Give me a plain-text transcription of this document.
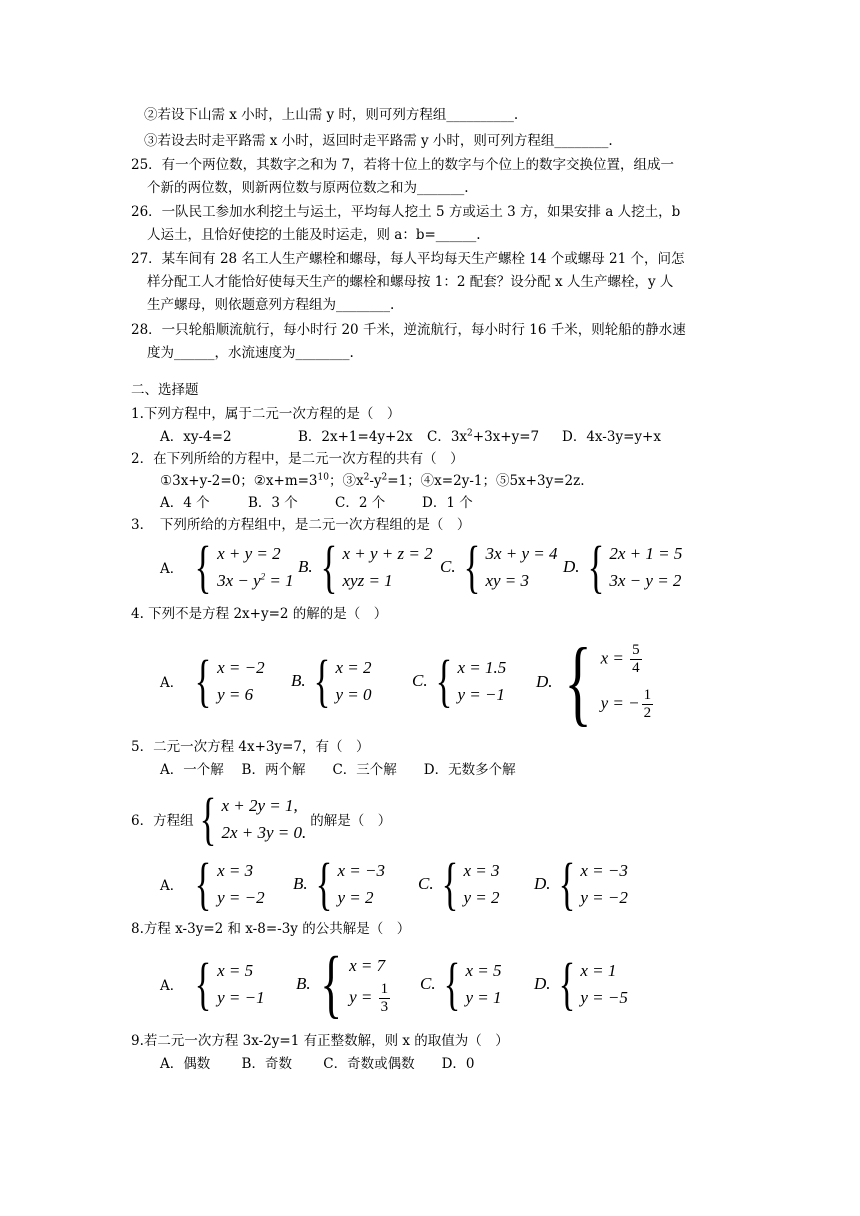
②若设下山需 x 小时，上山需 y 时，则可列方程组__________.
③若设去时走平路需 x 小时，返回时走平路需 y 小时，则可列方程组________.
25．有一个两位数，其数字之和为 7，若将十位上的数字与个位上的数字交换位置，组成一
个新的两位数，则新两位数与原两位数之和为_______.
26．一队民工参加水利挖土与运土，平均每人挖土 5 方或运土 3 方，如果安排 a 人挖土，b
人运土，且恰好使挖的土能及时运走，则 a：b=______.
27．某车间有 28 名工人生产螺栓和螺母，每人平均每天生产螺栓 14 个或螺母 21 个，问怎
样分配工人才能恰好使每天生产的螺栓和螺母按 1：2 配套？设分配 x 人生产螺栓，y 人
生产螺母，则依题意列方程组为________.
28．一只轮船顺流航行，每小时行 20 千米，逆流航行，每小时行 16 千米，则轮船的静水速
度为______，水流速度为________.
二、选择题
1.下列方程中，属于二元一次方程的是（　）
A．xy-4=2	B．2x+1=4y+2x C．$3x^2+3x+y=7$ D．4x-3y=y+x
2．在下列所给的方程中，是二元一次方程的共有（　）
①3x+y-2=0；$②x+m=3^{10}$；$③x^2-y^2=1$；④x=2y-1；⑤5x+3y=2z.
A．4 个	B．3 个	C．2 个	D．1 个
3．　下列所给的方程组中，是二元一次方程组的是（　）
A． { x + y = 2
$3x - y^2 = 1$
B. { x + y + z = 2
xyz = 1
C. { 3x + y = 4
xy = 3
D. { 2x + 1 = 5
3x − y = 2
4. 下列不是方程 2x+y=2 的解的是（　）
A． { x = −2
y = 6
B. { x = 2
y = 0
C. { x = 1.5
y = −1
D. { $x = \frac{5}{4}$
y = − $\frac{1}{2}$
5．二元一次方程 4x+3y=7，有（　）
A．一个解　 B．两个解　　C．三个解　　D．无数多个解
6．方程组 { x + 2y = 1,
2x + 3y = 0.
的解是（　）
A． { x = 3
y = −2
B. { x = −3
y = 2
C. { x = 3
y = 2
D. { x = −3
y = −2
8.方程 x-3y=2 和 x-8=-3y 的公共解是（　）
A． { x = 5
y = −1
B. { x = 7
$y = \frac{1}{3} C$. { x = 5
y = 1
D. { x = 1
y = −5
9.若二元一次方程 3x-2y=1 有正整数解，则 x 的取值为（　）
A．偶数　　 B．奇数　　 C．奇数或偶数　　D．0
